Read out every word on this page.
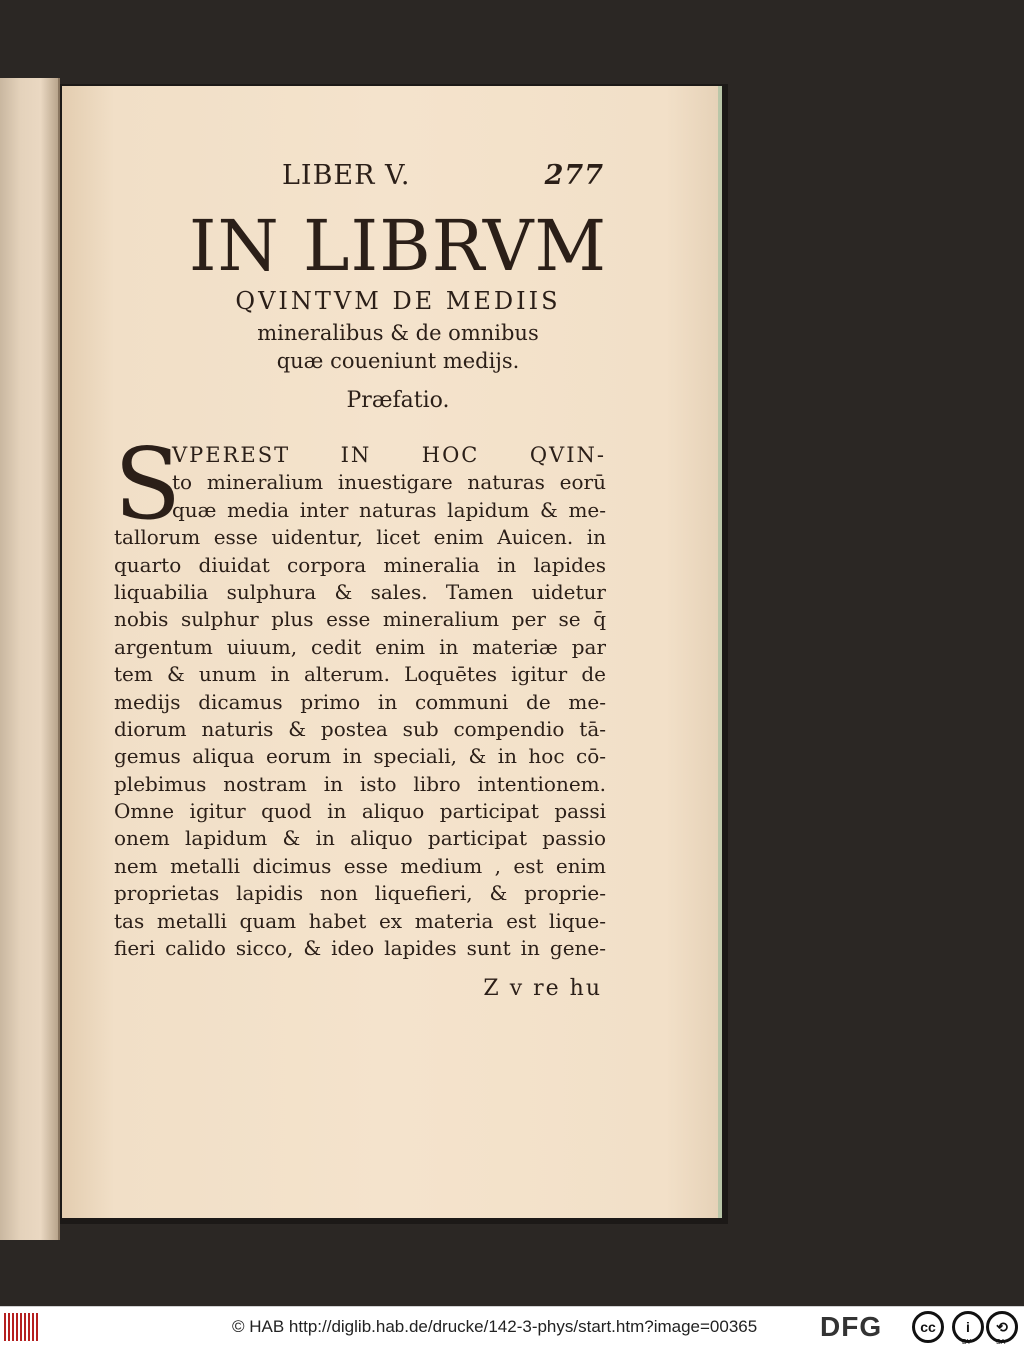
LIBER V.	277
IN LIBRVM
QVINTVM DE MEDIIS
mineralibus & de omnibus
quæ coueniunt medijs.
Præfatio.
S
VPEREST IN HOC QVIN-
to mineralium inuestigare naturas eorū
quæ media inter naturas lapidum & me-
tallorum esse uidentur, licet enim Auicen. in
quarto diuidat corpora mineralia in lapides
liquabilia sulphura & sales. Tamen uidetur
nobis sulphur plus esse mineralium per se q̄
argentum uiuum, cedit enim in materiæ par
tem & unum in alterum. Loquētes igitur de
medijs dicamus primo in communi de me-
diorum naturis & postea sub compendio tā-
gemus aliqua eorum in speciali, & in hoc cō-
plebimus nostram in isto libro intentionem.
Omne igitur quod in aliquo participat passi
onem lapidum & in aliquo participat passio
nem metalli dicimus esse medium , est enim
proprietas lapidis non liquefieri, & proprie-
tas metalli quam habet ex materia est lique-
fieri calido sicco, & ideo lapides sunt in gene-
Z v re hu
© HAB http://diglib.hab.de/drucke/142-3-phys/start.htm?image=00365 DFG	cc	i	⟲
BY	SA
